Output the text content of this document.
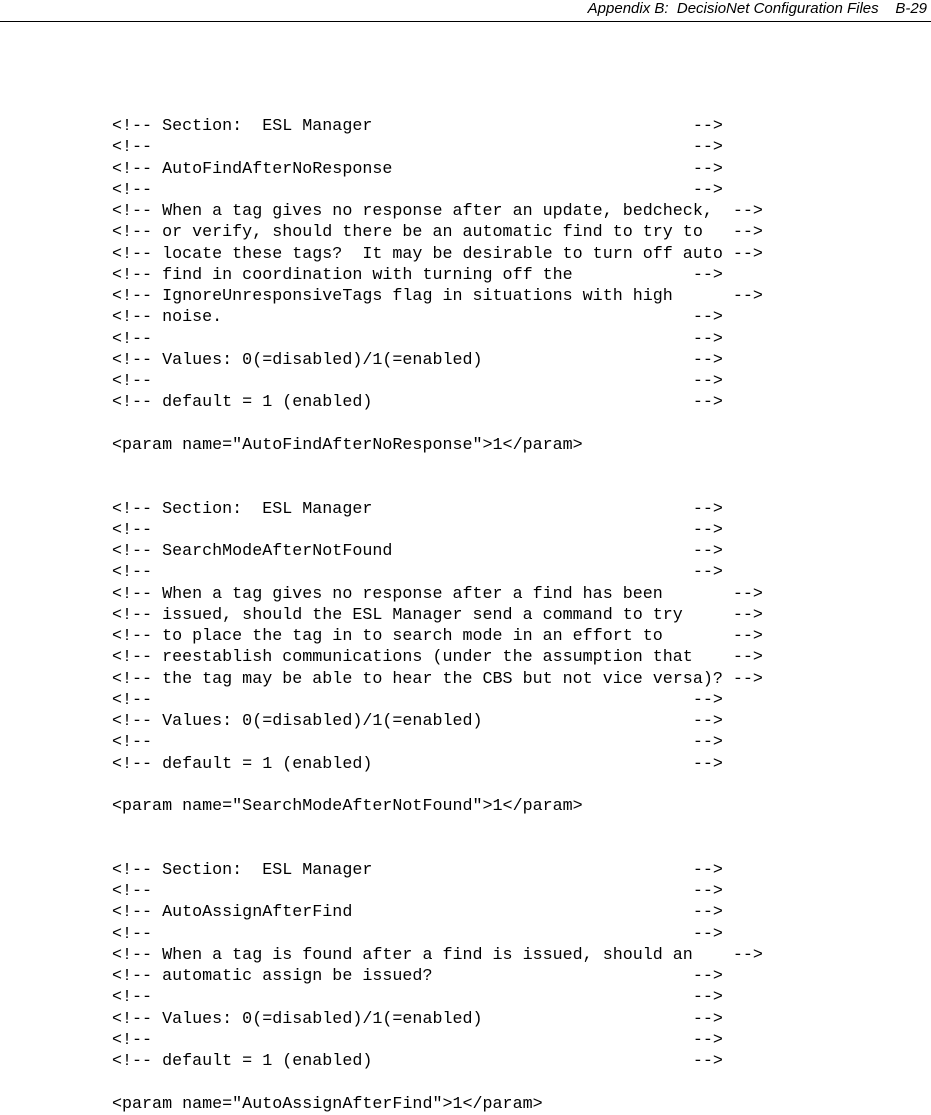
Appendix B:  DecisioNet Configuration Files B-29
<!-- Section:  ESL Manager                                -->
<!--                                                      -->
<!-- AutoFindAfterNoResponse                              -->
<!--                                                      -->
<!-- When a tag gives no response after an update, bedcheck,  -->
<!-- or verify, should there be an automatic find to try to   -->
<!-- locate these tags?  It may be desirable to turn off auto -->
<!-- find in coordination with turning off the            -->
<!-- IgnoreUnresponsiveTags flag in situations with high      -->
<!-- noise.                                               -->
<!--                                                      -->
<!-- Values: 0(=disabled)/1(=enabled)                     -->
<!--                                                      -->
<!-- default = 1 (enabled)                                -->
<param name="AutoFindAfterNoResponse">1</param>
<!-- Section:  ESL Manager                                -->
<!--                                                      -->
<!-- SearchModeAfterNotFound                              -->
<!--                                                      -->
<!-- When a tag gives no response after a find has been       -->
<!-- issued, should the ESL Manager send a command to try     -->
<!-- to place the tag in to search mode in an effort to       -->
<!-- reestablish communications (under the assumption that    -->
<!-- the tag may be able to hear the CBS but not vice versa)? -->
<!--                                                      -->
<!-- Values: 0(=disabled)/1(=enabled)                     -->
<!--                                                      -->
<!-- default = 1 (enabled)                                -->
<param name="SearchModeAfterNotFound">1</param>
<!-- Section:  ESL Manager                                -->
<!--                                                      -->
<!-- AutoAssignAfterFind                                  -->
<!--                                                      -->
<!-- When a tag is found after a find is issued, should an    -->
<!-- automatic assign be issued?                          -->
<!--                                                      -->
<!-- Values: 0(=disabled)/1(=enabled)                     -->
<!--                                                      -->
<!-- default = 1 (enabled)                                -->
<param name="AutoAssignAfterFind">1</param>
